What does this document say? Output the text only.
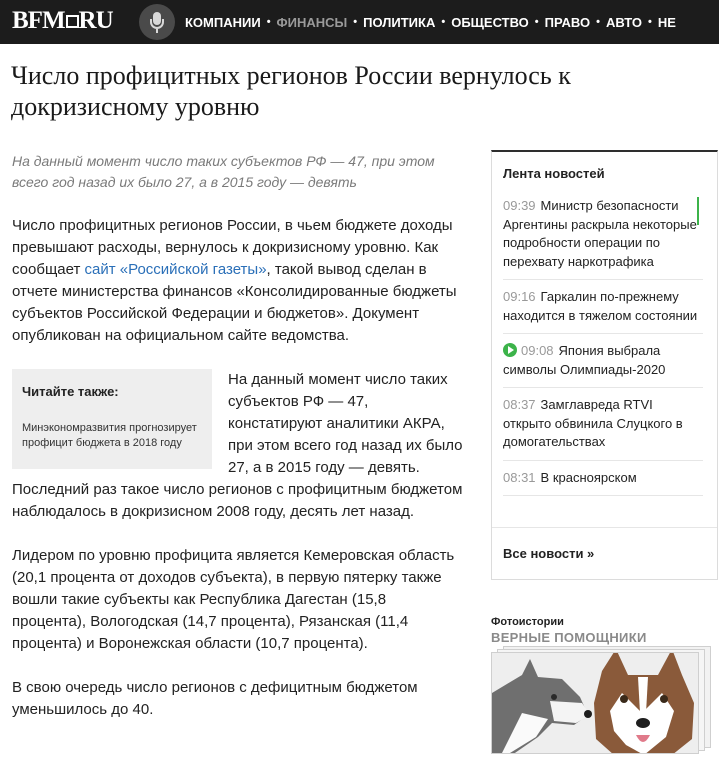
BFM RU	КОМПАНИИ • ФИНАНСЫ • ПОЛИТИКА • ОБЩЕСТВО • ПРАВО • АВТО • НЕ
Число профицитных регионов России вернулось к докризисному уровню
На данный момент число таких субъектов РФ — 47, при этом всего год назад их было 27, а в 2015 году — девять

Число профицитных регионов России, в чьем бюджете доходы превышают расходы, вернулось к докризисному уровню. Как сообщает сайт «Российской газеты», такой вывод сделан в отчете министерства финансов «Консолидированные бюджеты субъектов Российской Федерации и бюджетов». Документ опубликован на официальном сайте ведомства.

Читайте также:
Минэкономразвития прогнозирует профицит бюджета в 2018 году

На данный момент число таких субъектов РФ — 47, констатируют аналитики АКРА, при этом всего год назад их было 27, а в 2015 году — девять. Последний раз такое число регионов с профицитным бюджетом наблюдалось в докризисном 2008 году, десять лет назад.

Лидером по уровню профицита является Кемеровская область (20,1 процента от доходов субъекта), в первую пятерку также вошли такие субъекты как Республика Дагестан (15,8 процента), Вологодская (14,7 процента), Рязанская (11,4 процента) и Воронежская области (10,7 процента).

В свою очередь число регионов с дефицитным бюджетом уменьшилось до 40.

Лента новостей
09:39 Министр безопасности Аргентины раскрыла некоторые подробности операции по перехвату наркотрафика
09:16 Гаркалин по-прежнему находится в тяжелом состоянии
09:08 Япония выбрала символы Олимпиады-2020
08:37 Замглавреда RTVI открыто обвинила Слуцкого в домогательствах
08:31 В красноярском
Все новости »
Фотоистории
ВЕРНЫЕ ПОМОЩНИКИ
